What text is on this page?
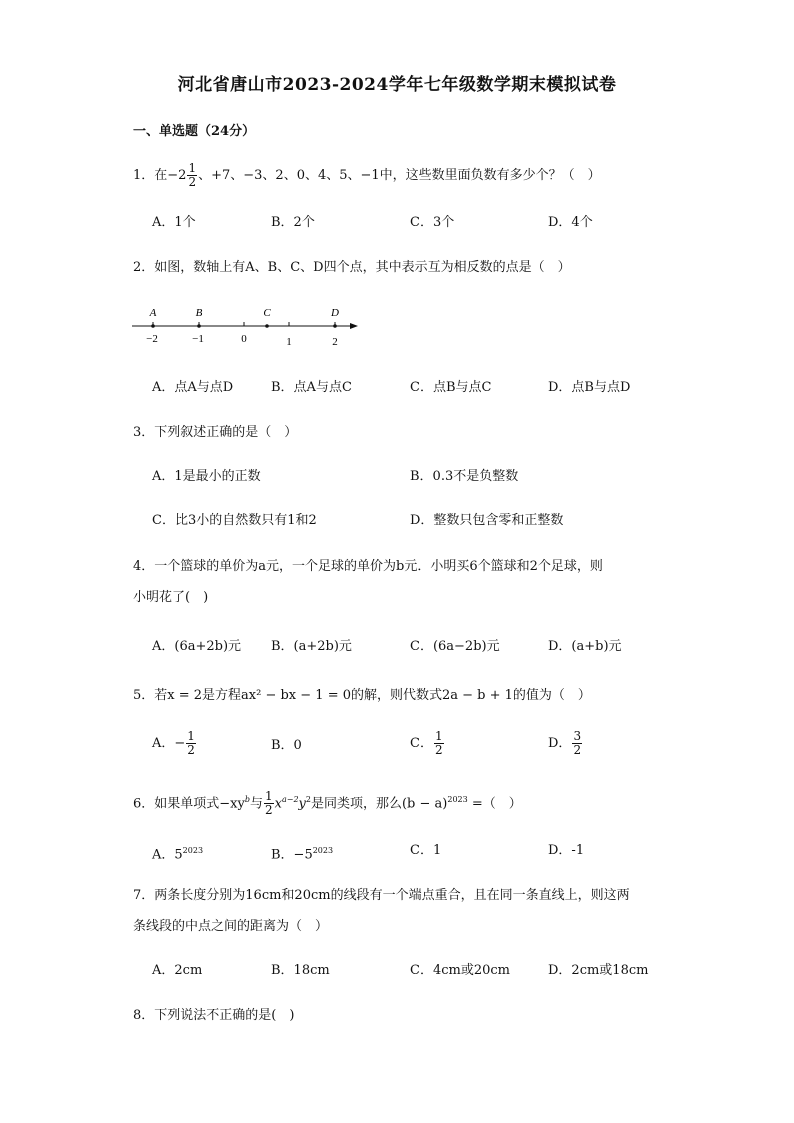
河北省唐山市2023-2024学年七年级数学期末模拟试卷
一、单选题（24分）
1．在$-2 \frac{1}{2}$ 、+7、−3、2、0、4、5、−1中，这些数里面负数有多少个？（　）
A．1个	B．2个	C．3个	D．4个
2．如图，数轴上有A、B、C、D四个点，其中表示互为相反数的点是（　）
A	B	C	D
−2	−1	0	1	2
A．点A与点D	B．点A与点C	C．点B与点C	D．点B与点D
3．下列叙述正确的是（　）
A．1是最小的正数	B．0.3不是负整数
C．比3小的自然数只有1和2	D．整数只包含零和正整数
4．一个篮球的单价为a元，一个足球的单价为b元．小明买6个篮球和2个足球，则
小明花了(　)
A．(6a+2b)元 B．(a+2b)元	C．(6a−2b)元	D．(a+b)元
5．若x = 2是方程ax² − bx − 1 = 0的解，则代数式2a − b + 1的值为（　）
A．− $\frac{1}{2}$	B．0	C． $\frac{1}{2}$	D． $\frac{3}{2}$
6．如果单项式$-xy^b$与 $\frac{1}{2} x^{a-2}y^2$是同类项，那么$(b - a)^{2023}$ =（　）
A．$5^{2023}$	B．$-5^{2023}$	C．1	D．-1
7．两条长度分别为16cm和20cm的线段有一个端点重合，且在同一条直线上，则这两
条线段的中点之间的距离为（　）
A．2cm	B．18cm	C．4cm或20cm	D．2cm或18cm
8．下列说法不正确的是(　)
